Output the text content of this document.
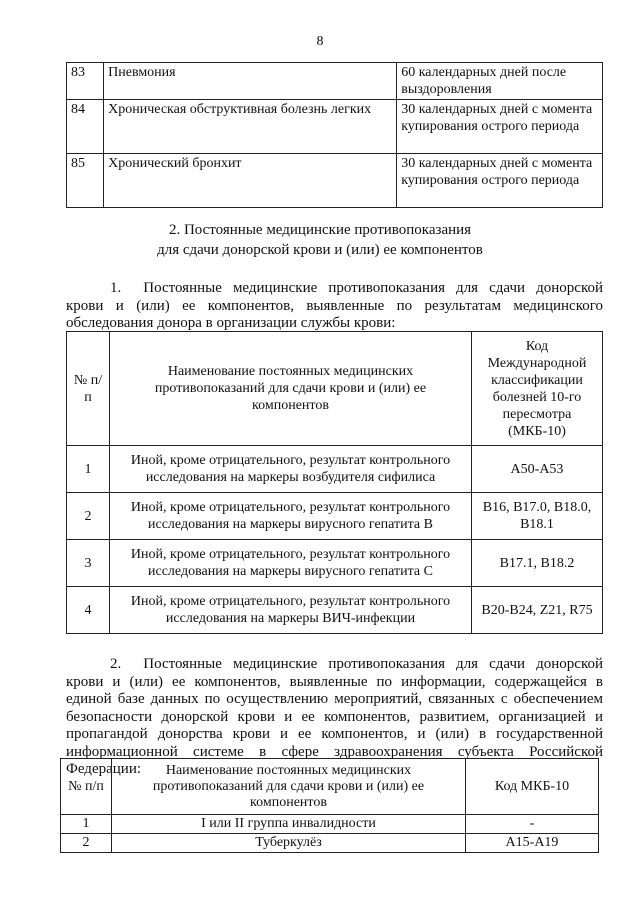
8
83	Пневмония	60 календарных дней после выздоровления
84	Хроническая обструктивная болезнь легких	30 календарных дней с момента купирования острого периода
85	Хронический бронхит	30 календарных дней с момента купирования острого периода
2. Постоянные медицинские противопоказания
для сдачи донорской крови и (или) ее компонентов
1. Постоянные медицинские противопоказания для сдачи донорской крови и (или) ее компонентов, выявленные по результатам медицинского обследования донора в организации службы крови:
№ п/п	Наименование постоянных медицинских противопоказаний для сдачи крови и (или) ее компонентов	Код Международной классификации болезней 10-го пересмотра (МКБ-10)
1	Иной, кроме отрицательного, результат контрольного исследования на маркеры возбудителя сифилиса	A50-A53
2	Иной, кроме отрицательного, результат контрольного исследования на маркеры вирусного гепатита В	B16, B17.0, B18.0, B18.1
3	Иной, кроме отрицательного, результат контрольного исследования на маркеры вирусного гепатита С	B17.1, B18.2
4	Иной, кроме отрицательного, результат контрольного исследования на маркеры ВИЧ-инфекции	B20-B24, Z21, R75
2. Постоянные медицинские противопоказания для сдачи донорской крови и (или) ее компонентов, выявленные по информации, содержащейся в единой базе данных по осуществлению мероприятий, связанных с обеспечением безопасности донорской крови и ее компонентов, развитием, организацией и пропагандой донорства крови и ее компонентов, и (или) в государственной информационной системе в сфере здравоохранения субъекта Российской Федерации:
№ п/п	Наименование постоянных медицинских противопоказаний для сдачи крови и (или) ее компонентов	Код МКБ-10
1	I или II группа инвалидности	-
2	Туберкулёз	A15-A19
